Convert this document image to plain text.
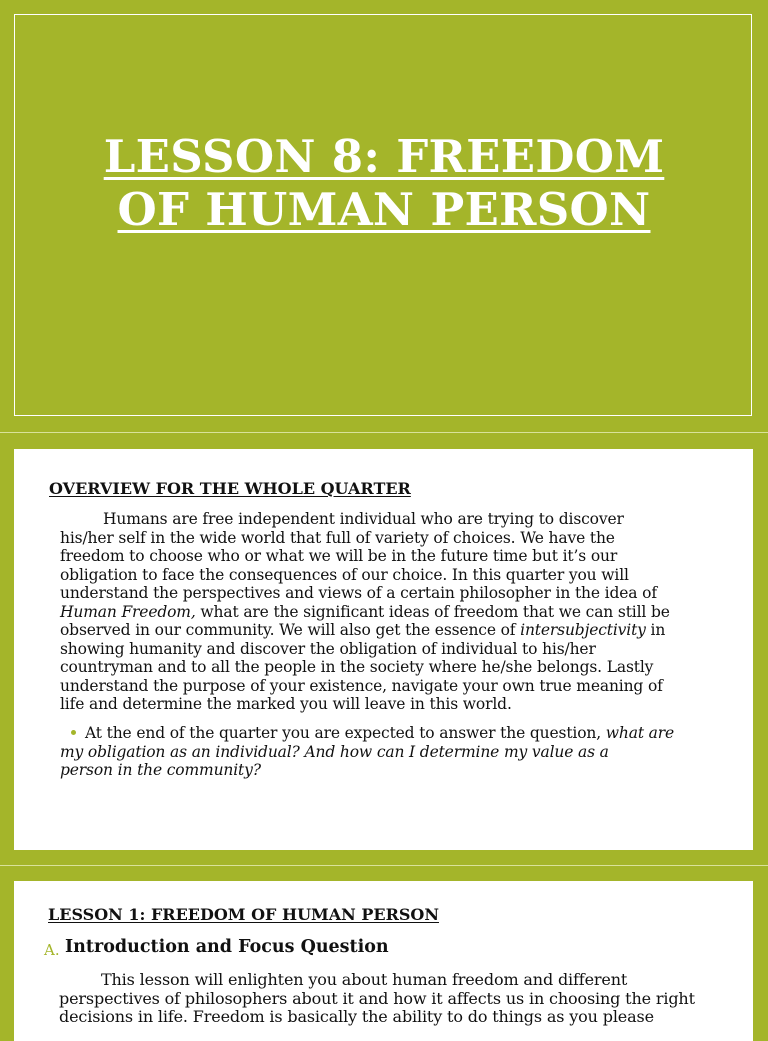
LESSON 8: FREEDOM
OF HUMAN PERSON
OVERVIEW FOR THE WHOLE QUARTER
Humans are free independent individual who are trying to discover
his/her self in the wide world that full of variety of choices. We have the
freedom to choose who or what we will be in the future time but it’s our
obligation to face the consequences of our choice. In this quarter you will
understand the perspectives and views of a certain philosopher in the idea of
Human Freedom, what are the significant ideas of freedom that we can still be
observed in our community. We will also get the essence of intersubjectivity in
showing humanity and discover the obligation of individual to his/her
countryman and to all the people in the society where he/she belongs. Lastly
understand the purpose of your existence, navigate your own true meaning of
life and determine the marked you will leave in this world.
At the end of the quarter you are expected to answer the question, what are
my obligation as an individual? And how can I determine my value as a
person in the community?
LESSON 1: FREEDOM OF HUMAN PERSON
A. Introduction and Focus Question
This lesson will enlighten you about human freedom and different
perspectives of philosophers about it and how it affects us in choosing the right
decisions in life. Freedom is basically the ability to do things as you please
